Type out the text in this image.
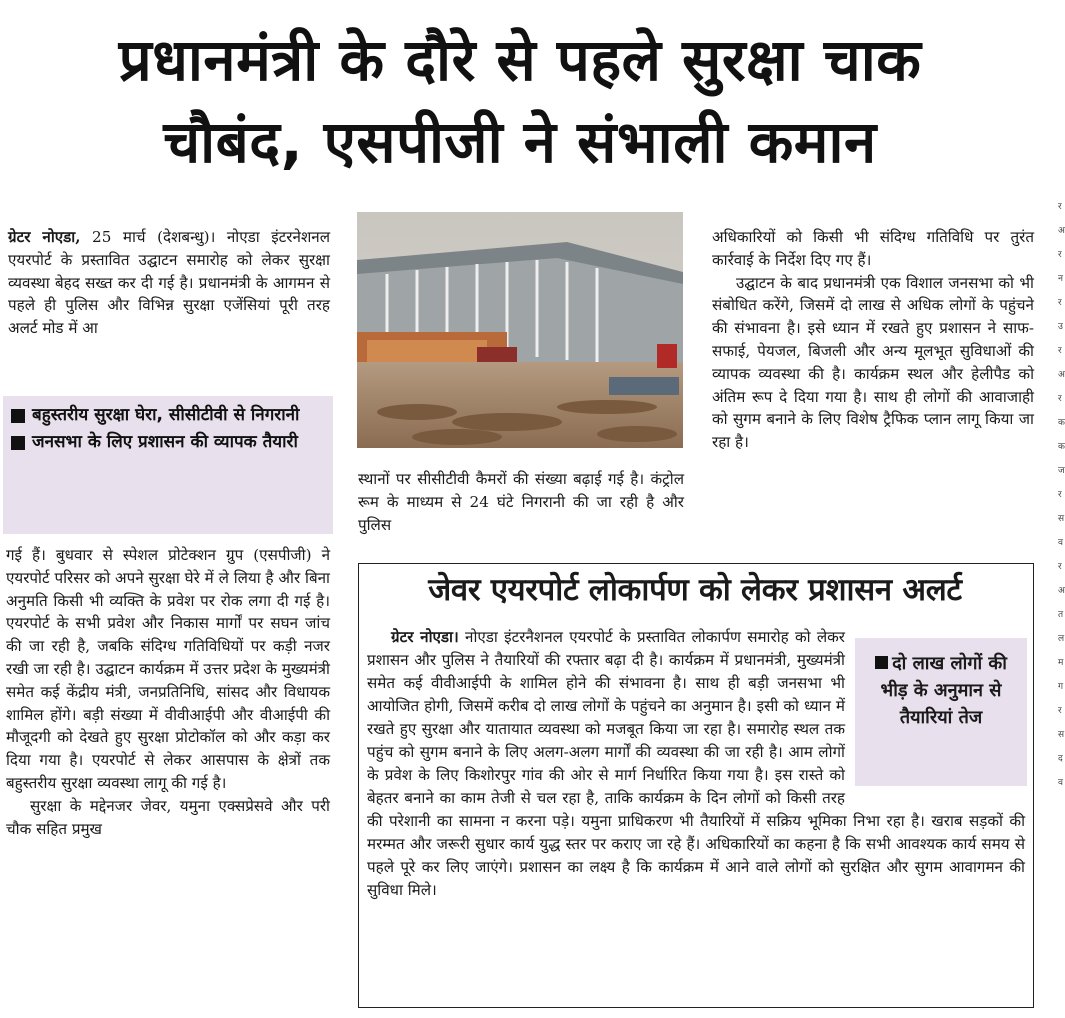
प्रधानमंत्री के दौरे से पहले सुरक्षा चाक
चौबंद, एसपीजी ने संभाली कमान

ग्रेटर नोएडा, 25 मार्च (देशबन्धु)। नोएडा इंटरनेशनल एयरपोर्ट के प्रस्तावित उद्घाटन समारोह को लेकर सुरक्षा व्यवस्था बेहद सख्त कर दी गई है। प्रधानमंत्री के आगमन से पहले ही पुलिस और विभिन्न सुरक्षा एजेंसियां पूरी तरह अलर्ट मोड में आ

बहुस्तरीय सुरक्षा घेरा, सीसीटीवी से निगरानी
जनसभा के लिए प्रशासन की व्यापक तैयारी

गई हैं। बुधवार से स्पेशल प्रोटेक्शन ग्रुप (एसपीजी) ने एयरपोर्ट परिसर को अपने सुरक्षा घेरे में ले लिया है और बिना अनुमति किसी भी व्यक्ति के प्रवेश पर रोक लगा दी गई है। एयरपोर्ट के सभी प्रवेश और निकास मार्गों पर सघन जांच की जा रही है, जबकि संदिग्ध गतिविधियों पर कड़ी नजर रखी जा रही है। उद्घाटन कार्यक्रम में उत्तर प्रदेश के मुख्यमंत्री समेत कई केंद्रीय मंत्री, जनप्रतिनिधि, सांसद और विधायक शामिल होंगे। बड़ी संख्या में वीवीआईपी और वीआईपी की मौजूदगी को देखते हुए सुरक्षा प्रोटोकॉल को और कड़ा कर दिया गया है। एयरपोर्ट से लेकर आसपास के क्षेत्रों तक बहुस्तरीय सुरक्षा व्यवस्था लागू की गई है।

सुरक्षा के मद्देनजर जेवर, यमुना एक्सप्रेसवे और परी चौक सहित प्रमुख

स्थानों पर सीसीटीवी कैमरों की संख्या बढ़ाई गई है। कंट्रोल रूम के माध्यम से 24 घंटे निगरानी की जा रही है और पुलिस

अधिकारियों को किसी भी संदिग्ध गतिविधि पर तुरंत कार्रवाई के निर्देश दिए गए हैं।

उद्घाटन के बाद प्रधानमंत्री एक विशाल जनसभा को भी संबोधित करेंगे, जिसमें दो लाख से अधिक लोगों के पहुंचने की संभावना है। इसे ध्यान में रखते हुए प्रशासन ने साफ-सफाई, पेयजल, बिजली और अन्य मूलभूत सुविधाओं की व्यापक व्यवस्था की है। कार्यक्रम स्थल और हेलीपैड को अंतिम रूप दे दिया गया है। साथ ही लोगों की आवाजाही को सुगम बनाने के लिए विशेष ट्रैफिक प्लान लागू किया जा रहा है।

जेवर एयरपोर्ट लोकार्पण को लेकर प्रशासन अलर्ट
दो लाख लोगों की भीड़ के अनुमान से तैयारियां तेज

ग्रेटर नोएडा। नोएडा इंटरनैशनल एयरपोर्ट के प्रस्तावित लोकार्पण समारोह को लेकर प्रशासन और पुलिस ने तैयारियों की रफ्तार बढ़ा दी है। कार्यक्रम में प्रधानमंत्री, मुख्यमंत्री समेत कई वीवीआईपी के शामिल होने की संभावना है। साथ ही बड़ी जनसभा भी आयोजित होगी, जिसमें करीब दो लाख लोगों के पहुंचने का अनुमान है। इसी को ध्यान में रखते हुए सुरक्षा और यातायात व्यवस्था को मजबूत किया जा रहा है। समारोह स्थल तक पहुंच को सुगम बनाने के लिए अलग-अलग मार्गों की व्यवस्था की जा रही है। आम लोगों के प्रवेश के लिए किशोरपुर गांव की ओर से मार्ग निर्धारित किया गया है। इस रास्ते को बेहतर बनाने का काम तेजी से चल रहा है, ताकि कार्यक्रम के दिन लोगों को किसी तरह की परेशानी का सामना न करना पड़े। यमुना प्राधिकरण भी तैयारियों में सक्रिय भूमिका निभा रहा है। खराब सड़कों की मरम्मत और जरूरी सुधार कार्य युद्ध स्तर पर कराए जा रहे हैं। अधिकारियों का कहना है कि सभी आवश्यक कार्य समय से पहले पूरे कर लिए जाएंगे। प्रशासन का लक्ष्य है कि कार्यक्रम में आने वाले लोगों को सुरक्षित और सुगम आवागमन की सुविधा मिले।

र
अ
र
न
र
उ
र
अ
र
क
क
ज
र
स
व
र
अ
त
ल
म
ग
र
स
द
व
